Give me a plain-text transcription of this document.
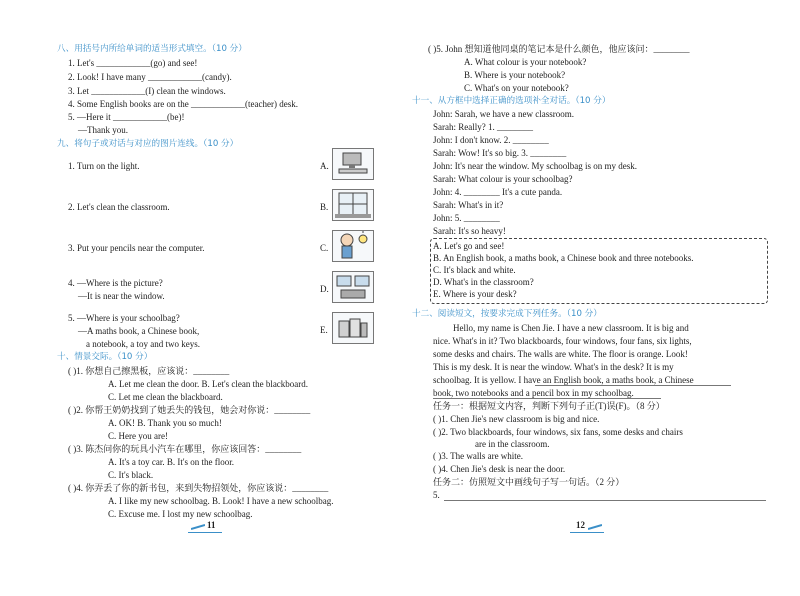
八、用括号内所给单词的适当形式填空。（10 分）
1. Let's ____________(go) and see!
2. Look! I have many ____________(candy).
3. Let ____________(I) clean the windows.
4. Some English books are on the ____________(teacher) desk.
5. —Here it ____________(be)!
—Thank you.
九、将句子或对话与对应的图片连线。（10 分）
1. Turn on the light.
2. Let's clean the classroom.
3. Put your pencils near the computer.
4. —Where is the picture?
—It is near the window.
5. —Where is your schoolbag?
—A maths book, a Chinese book,
a notebook, a toy and two keys.
A.
B.
C.
D.
E.
十、情景交际。（10 分）
( )1. 你想自己擦黑板，应该说：________
A. Let me clean the door. B. Let's clean the blackboard.
C. Let me clean the blackboard.
( )2. 你帮王奶奶找到了她丢失的钱包，她会对你说：________
A. OK! B. Thank you so much!
C. Here you are!
( )3. 陈杰问你的玩具小汽车在哪里，你应该回答：________
A. It's a toy car. B. It's on the floor.
C. It's black.
( )4. 你弄丢了你的新书包，来到失物招领处，你应该说：________
A. I like my new schoolbag. B. Look! I have a new schoolbag.
C. Excuse me. I lost my new schoolbag.
11
( )5. John 想知道他同桌的笔记本是什么颜色，他应该问：________
A. What colour is your notebook?
B. Where is your notebook?
C. What's on your notebook?
十一、从方框中选择正确的选项补全对话。（10 分）
John: Sarah, we have a new classroom.
Sarah: Really? 1. ________
John: I don't know. 2. ________
Sarah: Wow! It's so big. 3. ________
John: It's near the window. My schoolbag is on my desk.
Sarah: What colour is your schoolbag?
John: 4. ________ It's a cute panda.
Sarah: What's in it?
John: 5. ________
Sarah: It's so heavy!
A. Let's go and see!
B. An English book, a maths book, a Chinese book and three notebooks.
C. It's black and white.
D. What's in the classroom?
E. Where is your desk?
十二、阅读短文，按要求完成下列任务。（10 分）
Hello, my name is Chen Jie. I have a new classroom. It is big and
nice. What's in it? Two blackboards, four windows, four fans, six lights,
some desks and chairs. The walls are white. The floor is orange. Look!
This is my desk. It is near the window. What's in the desk? It is my
schoolbag. It is yellow. I have an English book, a maths book, a Chinese
book, two notebooks and a pencil box in my schoolbag.
任务一：根据短文内容，判断下列句子正(T)误(F)。（8 分）
( )1. Chen Jie's new classroom is big and nice.
( )2. Two blackboards, four windows, six fans, some desks and chairs
are in the classroom.
( )3. The walls are white.
( )4. Chen Jie's desk is near the door.
任务二：仿照短文中画线句子写一句话。（2 分）
5.
12
